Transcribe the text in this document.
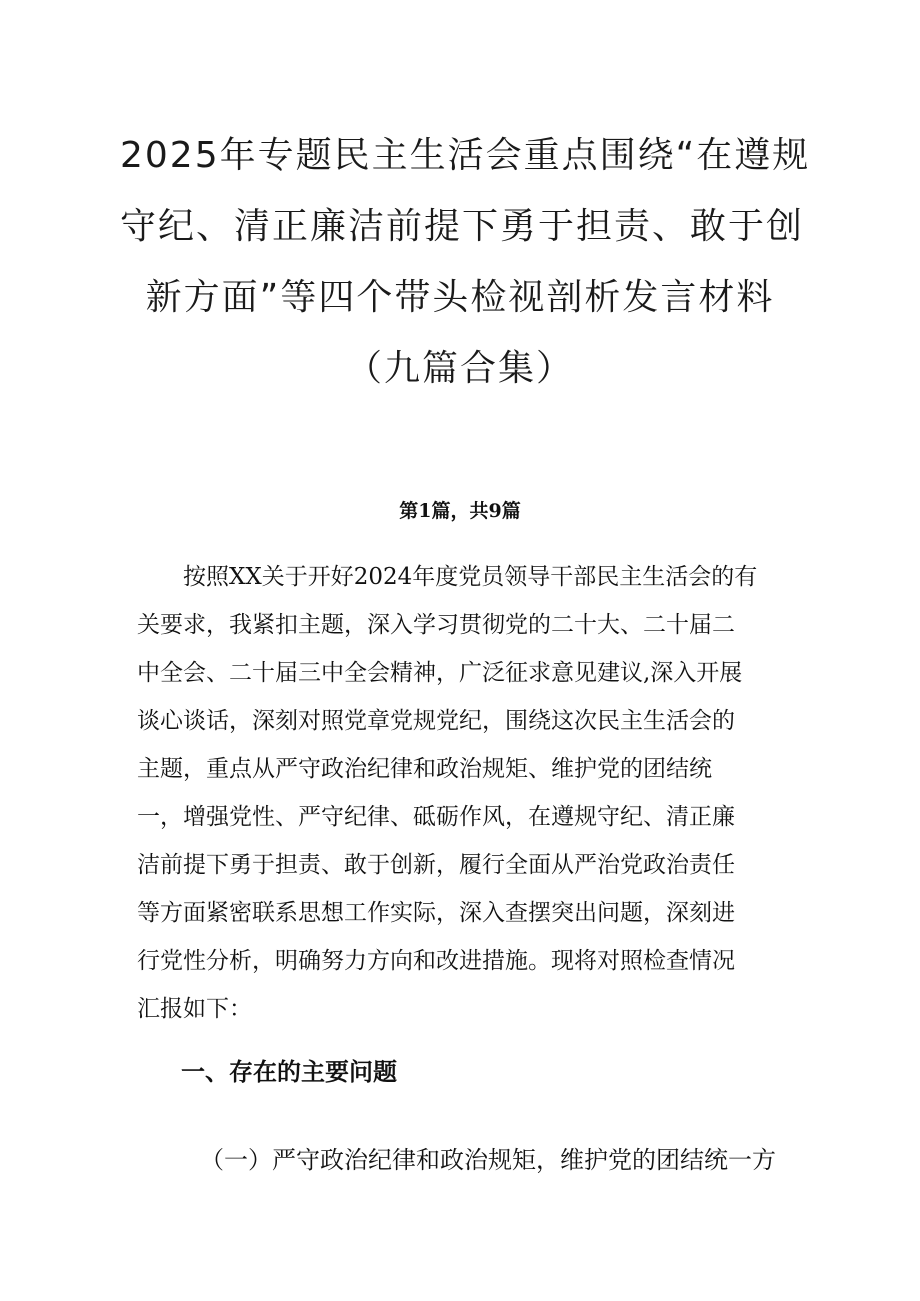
2025年专题民主生活会重点围绕“在遵规
守纪、清正廉洁前提下勇于担责、敢于创
新方面”等四个带头检视剖析发言材料
（九篇合集）
第1篇，共9篇
　　按照XX关于开好2024年度党员领导干部民主生活会的有
关要求，我紧扣主题，深入学习贯彻党的二十大、二十届二
中全会、二十届三中全会精神，广泛征求意见建议,深入开展
谈心谈话，深刻对照党章党规党纪，围绕这次民主生活会的
主题，重点从严守政治纪律和政治规矩、维护党的团结统
一，增强党性、严守纪律、砥砺作风，在遵规守纪、清正廉
洁前提下勇于担责、敢于创新，履行全面从严治党政治责任
等方面紧密联系思想工作实际，深入查摆突出问题，深刻进
行党性分析，明确努力方向和改进措施。现将对照检查情况
汇报如下：
一、存在的主要问题
（一）严守政治纪律和政治规矩，维护党的团结统一方
